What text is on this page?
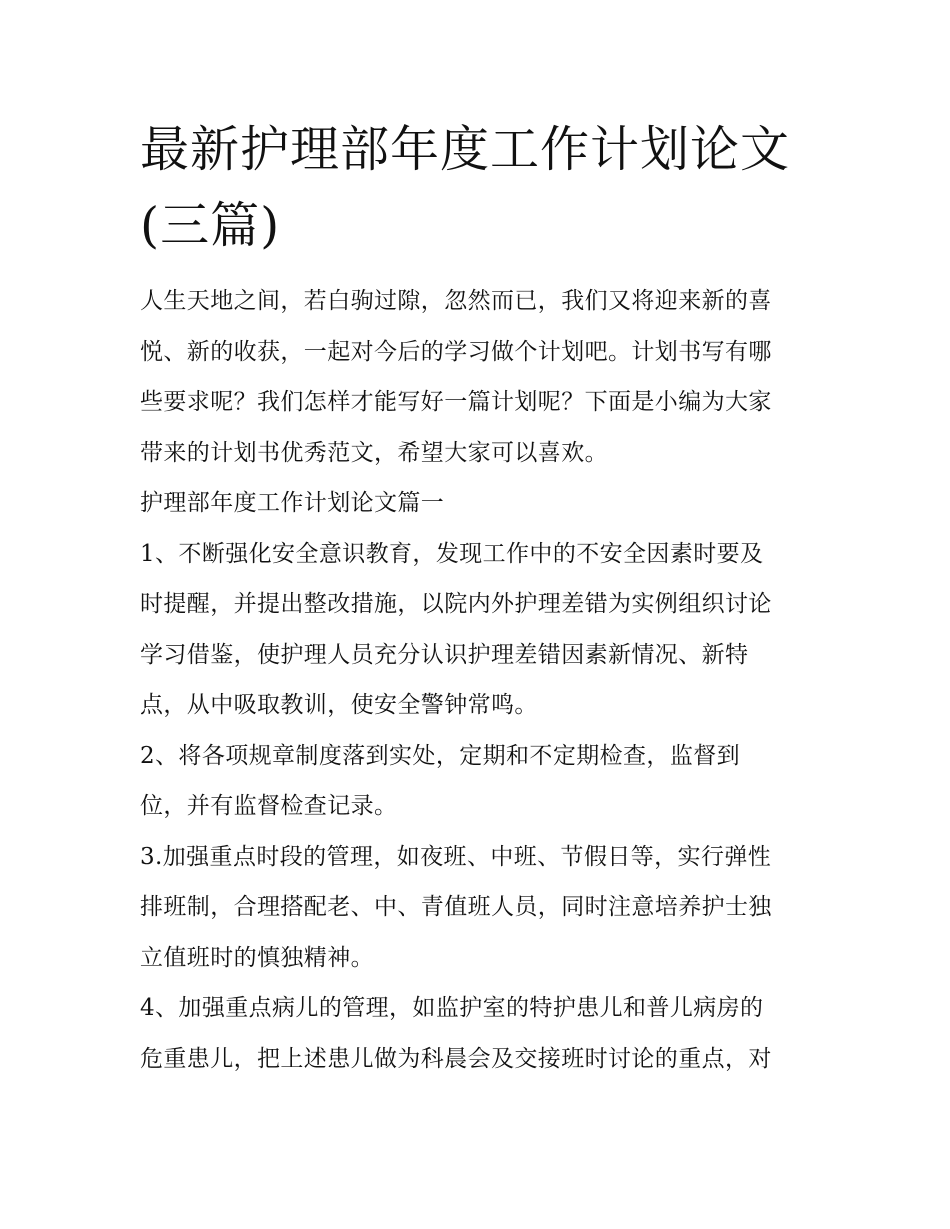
最新护理部年度工作计划论文
(三篇)
人生天地之间，若白驹过隙，忽然而已，我们又将迎来新的喜
悦、新的收获，一起对今后的学习做个计划吧。计划书写有哪
些要求呢？我们怎样才能写好一篇计划呢？下面是小编为大家
带来的计划书优秀范文，希望大家可以喜欢。
护理部年度工作计划论文篇一
1、不断强化安全意识教育，发现工作中的不安全因素时要及
时提醒，并提出整改措施，以院内外护理差错为实例组织讨论
学习借鉴，使护理人员充分认识护理差错因素新情况、新特
点，从中吸取教训，使安全警钟常鸣。
2、将各项规章制度落到实处，定期和不定期检查，监督到
位，并有监督检查记录。
3.加强重点时段的管理，如夜班、中班、节假日等，实行弹性
排班制，合理搭配老、中、青值班人员，同时注意培养护士独
立值班时的慎独精神。
4、加强重点病儿的管理，如监护室的特护患儿和普儿病房的
危重患儿，把上述患儿做为科晨会及交接班时讨论的重点，对
